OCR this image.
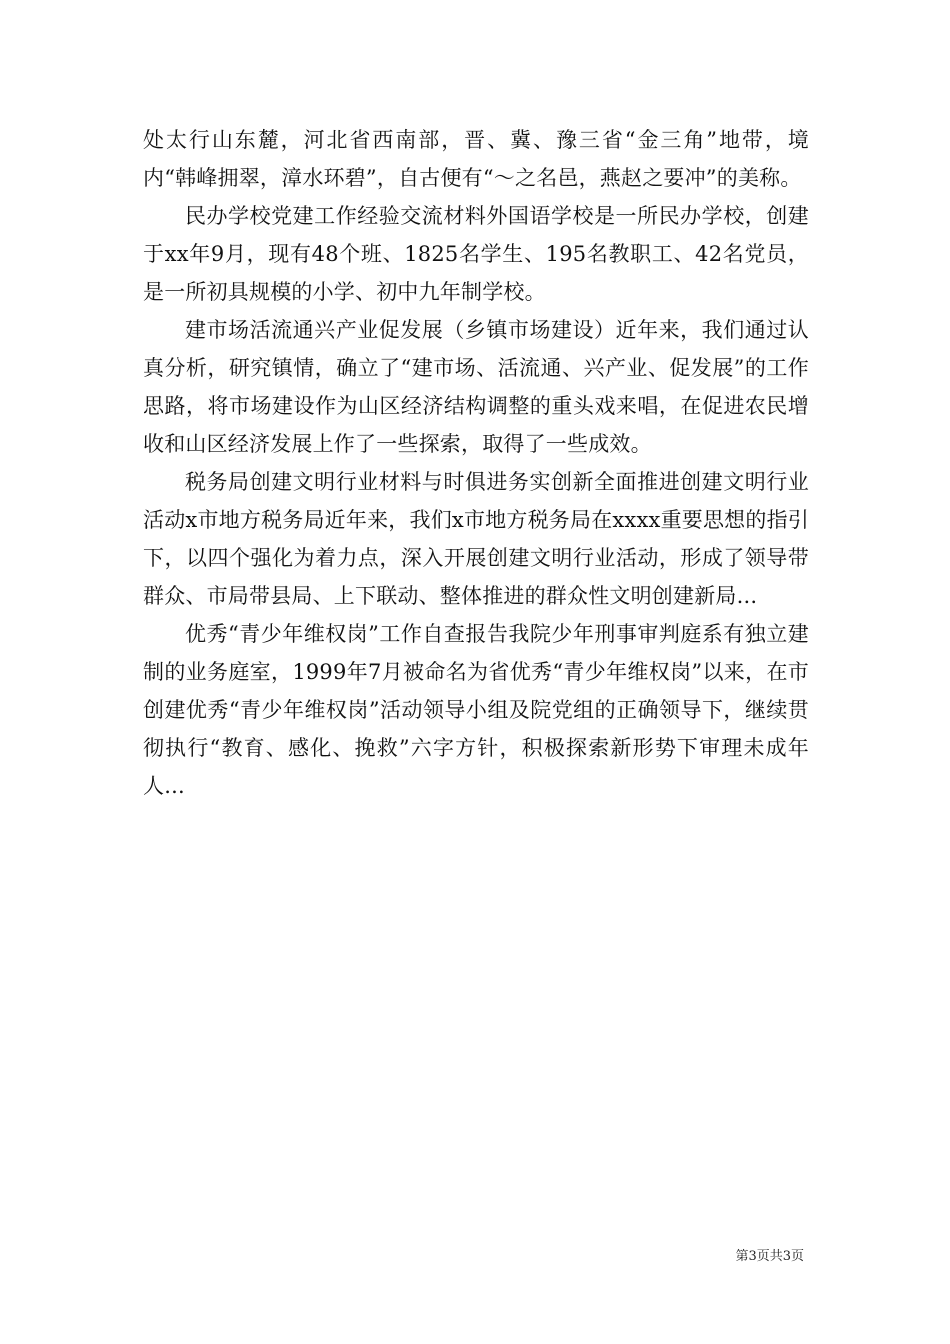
处太行山东麓，河北省西南部，晋、冀、豫三省“金三角”地带，境内“韩峰拥翠，漳水环碧”，自古便有“～之名邑，燕赵之要冲”的美称。

民办学校党建工作经验交流材料外国语学校是一所民办学校，创建于xx年9月，现有48个班、1825名学生、195名教职工、42名党员，是一所初具规模的小学、初中九年制学校。

建市场活流通兴产业促发展（乡镇市场建设）近年来，我们通过认真分析，研究镇情，确立了“建市场、活流通、兴产业、促发展”的工作思路，将市场建设作为山区经济结构调整的重头戏来唱，在促进农民增收和山区经济发展上作了一些探索，取得了一些成效。

税务局创建文明行业材料与时俱进务实创新全面推进创建文明行业活动x市地方税务局近年来，我们x市地方税务局在xxxx重要思想的指引下，以四个强化为着力点，深入开展创建文明行业活动，形成了领导带群众、市局带县局、上下联动、整体推进的群众性文明创建新局...

优秀“青少年维权岗”工作自查报告我院少年刑事审判庭系有独立建制的业务庭室，1999年7月被命名为省优秀“青少年维权岗”以来，在市创建优秀“青少年维权岗”活动领导小组及院党组的正确领导下，继续贯彻执行“教育、感化、挽救”六字方针，积极探索新形势下审理未成年人...

第3页共3页
